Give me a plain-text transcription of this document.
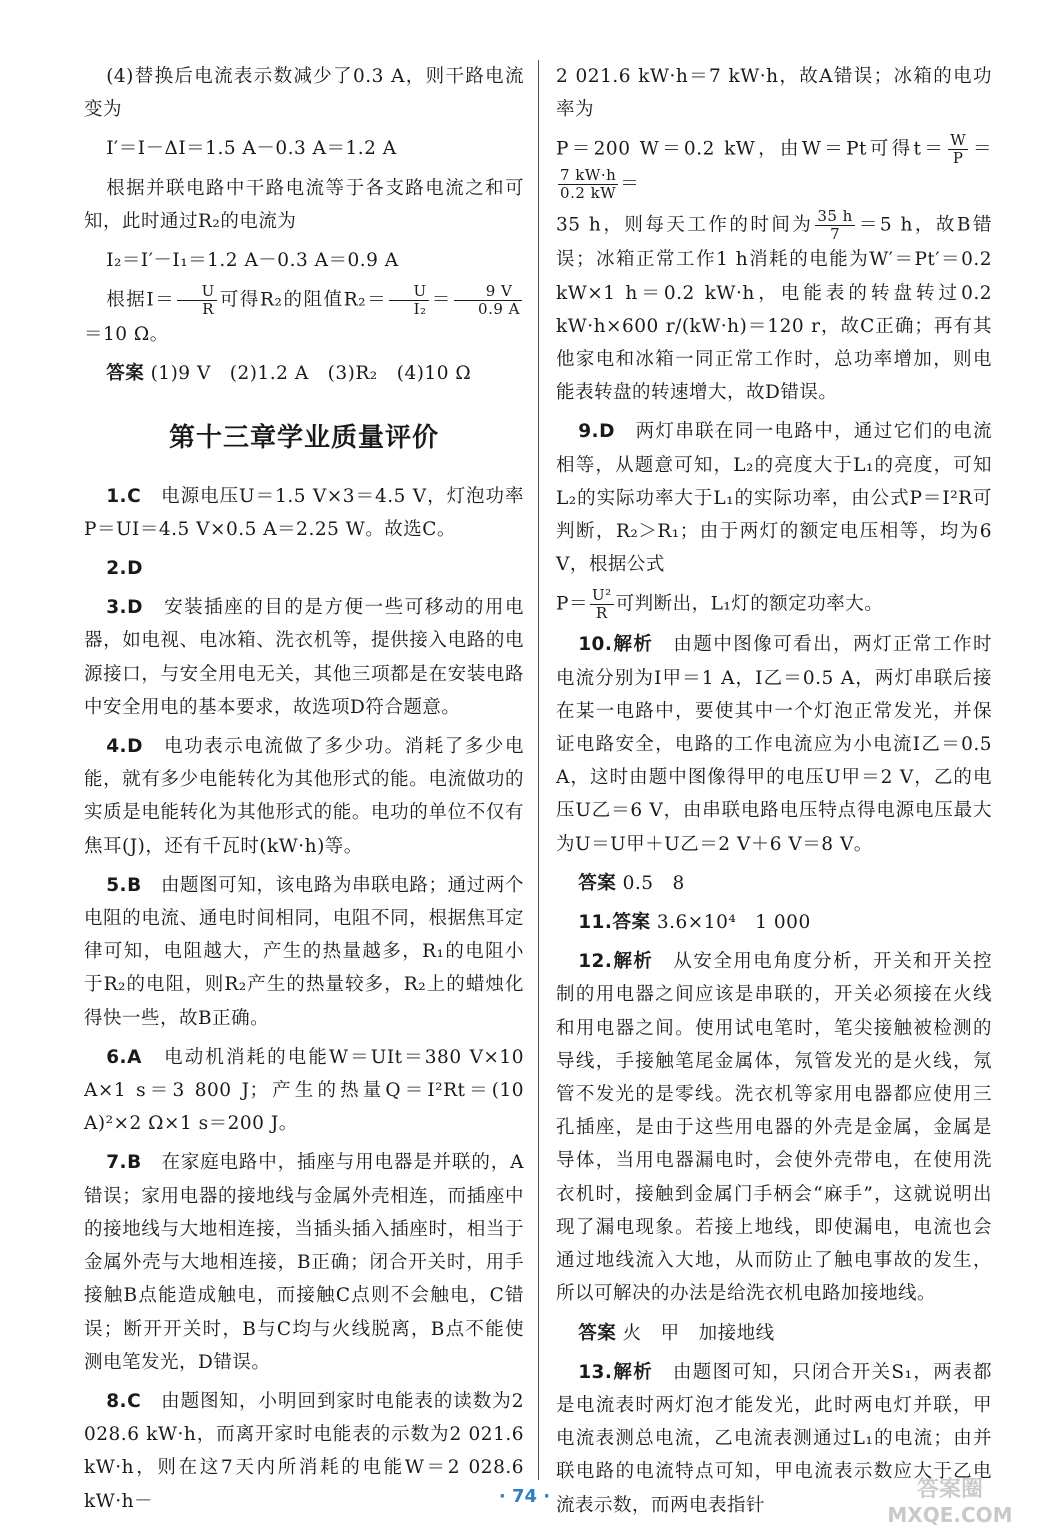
(4)替换后电流表示数减少了0.3 A，则干路电流变为

I′＝I－ΔI＝1.5 A－0.3 A＝1.2 A

根据并联电路中干路电流等于各支路电流之和可知，此时通过R₂的电流为

I₂＝I′－I₁＝1.2 A－0.3 A＝0.9 A

根据$I= \frac{U}{R}$ 可得R₂的阻值$R_2= \frac{U}{\text{I₂}} = \frac{9 V}{0.9 A}$
＝10 Ω。

答案 (1)9 V　(2)1.2 A　(3)R₂　(4)10 Ω

第十三章学业质量评价

1.C　 电源电压U＝1.5 V×3＝4.5 V，灯泡功率P＝UI＝4.5 V×0.5 A＝2.25 W。故选C。

2.D

3.D　 安装插座的目的是方便一些可移动的用电器，如电视、电冰箱、洗衣机等，提供接入电路的电源接口，与安全用电无关，其他三项都是在安装电路中安全用电的基本要求，故选项D符合题意。

4.D　 电功表示电流做了多少功。消耗了多少电能，就有多少电能转化为其他形式的能。电流做功的实质是电能转化为其他形式的能。电功的单位不仅有焦耳(J)，还有千瓦时(kW·h)等。

5.B　 由题图可知，该电路为串联电路；通过两个电阻的电流、通电时间相同，电阻不同，根据焦耳定律可知，电阻越大，产生的热量越多，R₁的电阻小于R₂的电阻，则R₂产生的热量较多，R₂上的蜡烛化得快一些，故B正确。

6.A　 电动机消耗的电能W＝UIt＝380 V×10 A×1 s＝3 800 J；产生的热量Q＝I²Rt＝(10 A)²×2 Ω×1 s＝200 J。

7.B　 在家庭电路中，插座与用电器是并联的，A错误；家用电器的接地线与金属外壳相连，而插座中的接地线与大地相连接，当插头插入插座时，相当于金属外壳与大地相连接，B正确；闭合开关时，用手接触B点能造成触电，而接触C点则不会触电，C错误；断开开关时，B与C均与火线脱离，B点不能使测电笔发光，D错误。

8.C　 由题图知，小明回到家时电能表的读数为2 028.6 kW·h，而离开家时电能表的示数为2 021.6 kW·h，则在这7天内所消耗的电能W＝2 028.6 kW·h－

2 021.6 kW·h＝7 kW·h，故A错误；冰箱的电功率为

P＝200 W＝0.2 kW，由W＝Pt可得$t= \frac{W}{P}$ ＝
$\frac{7 kW\cdot h}{0.2 kW}$ ＝

35 h，则每天工作的时间为 $\frac{35 h}{7} =5$ h，故B错误；冰箱正常工作1 h消耗的电能为W′＝Pt′＝0.2 kW×1 h＝0.2 kW·h，电能表的转盘转过0.2 kW·h×600 r/(kW·h)＝120 r，故C正确；再有其他家电和冰箱一同正常工作时，总功率增加，则电能表转盘的转速增大，故D错误。

9.D　 两灯串联在同一电路中，通过它们的电流相等，从题意可知，L₂的亮度大于L₁的亮度，可知L₂的实际功率大于L₁的实际功率，由公式P＝I²R可判断，R₂＞R₁；由于两灯的额定电压相等，均为6 V，根据公式

$P= \frac{\text{U²}}{R}$ 可判断出，L₁灯的额定功率大。

10.解析　 由题中图像可看出，两灯正常工作时电流分别为I甲＝1 A，I乙＝0.5 A，两灯串联后接在某一电路中，要使其中一个灯泡正常发光，并保证电路安全，电路的工作电流应为小电流I乙＝0.5 A，这时由题中图像得甲的电压U甲＝2 V，乙的电压U乙＝6 V，由串联电路电压特点得电源电压最大为U＝U甲＋U乙＝2 V＋6 V＝8 V。

答案 0.5　8

11.答案 3.6×10⁴　1 000

12.解析　 从安全用电角度分析，开关和开关控制的用电器之间应该是串联的，开关必须接在火线和用电器之间。使用试电笔时，笔尖接触被检测的导线，手接触笔尾金属体，氖管发光的是火线，氖管不发光的是零线。洗衣机等家用电器都应使用三孔插座，是由于这些用电器的外壳是金属，金属是导体，当用电器漏电时，会使外壳带电，在使用洗衣机时，接触到金属门手柄会“麻手”，这就说明出现了漏电现象。若接上地线，即使漏电，电流也会通过地线流入大地，从而防止了触电事故的发生，所以可解决的办法是给洗衣机电路加接地线。

答案 火　甲　加接地线

13.解析　 由题图可知，只闭合开关S₁，两表都是电流表时两灯泡才能发光，此时两电灯并联，甲电流表测总电流，乙电流表测通过L₁的电流；由并联电路的电流特点可知，甲电流表示数应大于乙电流表示数，而两电表指针

· 74 ·	答案圈
MXQE.COM
